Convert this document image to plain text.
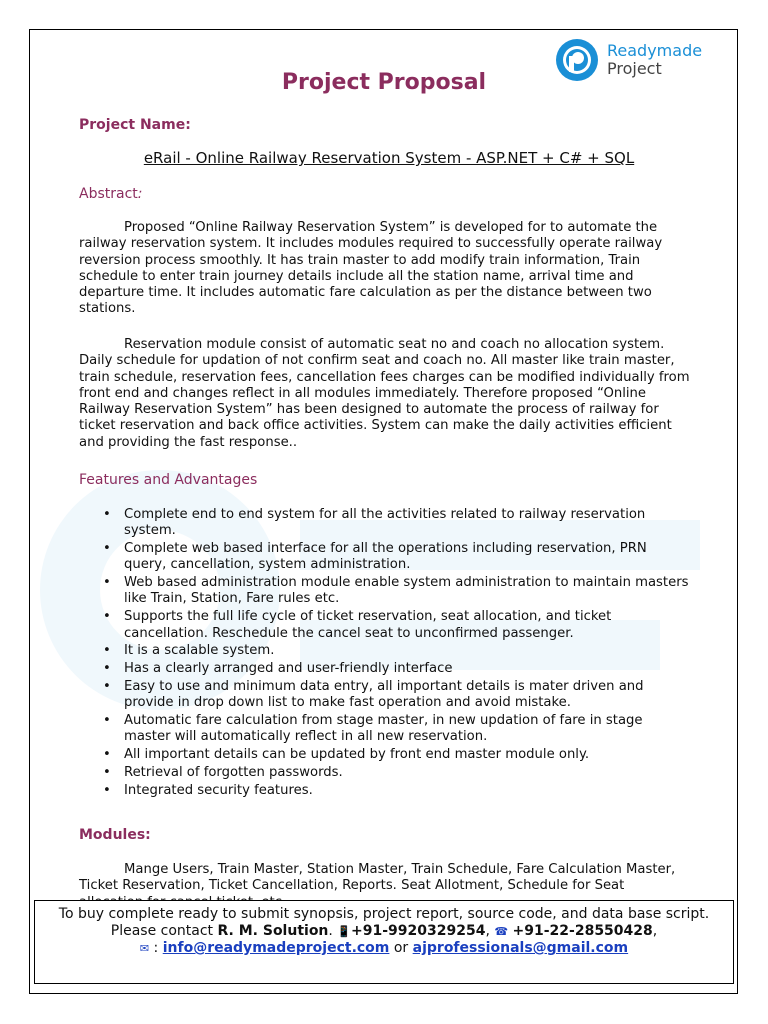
Readymade
Project
Project Proposal
Project Name:
eRail - Online Railway Reservation System - ASP.NET + C# + SQL
Abstract:
Proposed “Online Railway Reservation System” is developed for to automate the railway reservation system. It includes modules required to successfully operate railway reversion process smoothly. It has train master to add modify train information, Train schedule to enter train journey details include all the station name, arrival time and departure time. It includes automatic fare calculation as per the distance between two stations.
Reservation module consist of automatic seat no and coach no allocation system. Daily schedule for updation of not confirm seat and coach no. All master like train master, train schedule, reservation fees, cancellation fees charges can be modified individually from front end and changes reflect in all modules immediately. Therefore proposed “Online Railway Reservation System” has been designed to automate the process of railway for ticket reservation and back office activities. System can make the daily activities efficient and providing the fast response..
Features and Advantages
• Complete end to end system for all the activities related to railway reservation system.
• Complete web based interface for all the operations including reservation, PRN query, cancellation, system administration.
• Web based administration module enable system administration to maintain masters like Train, Station, Fare rules etc.
• Supports the full life cycle of ticket reservation, seat allocation, and ticket cancellation. Reschedule the cancel seat to unconfirmed passenger.
• It is a scalable system.
• Has a clearly arranged and user-friendly interface
• Easy to use and minimum data entry, all important details is mater driven and provide in drop down list to make fast operation and avoid mistake.
• Automatic fare calculation from stage master, in new updation of fare in stage master will automatically reflect in all new reservation.
• All important details can be updated by front end master module only.
• Retrieval of forgotten passwords.
• Integrated security features.
Modules:
Mange Users, Train Master, Station Master, Train Schedule, Fare Calculation Master, Ticket Reservation, Ticket Cancellation, Reports. Seat Allotment, Schedule for Seat
To buy complete ready to submit synopsis, project report, source code, and data base script.
Please contact R. M. Solution. 📱+91-9920329254, ☎ +91-22-28550428,
✉ : info@readymadeproject.com or ajprofessionals@gmail.com
